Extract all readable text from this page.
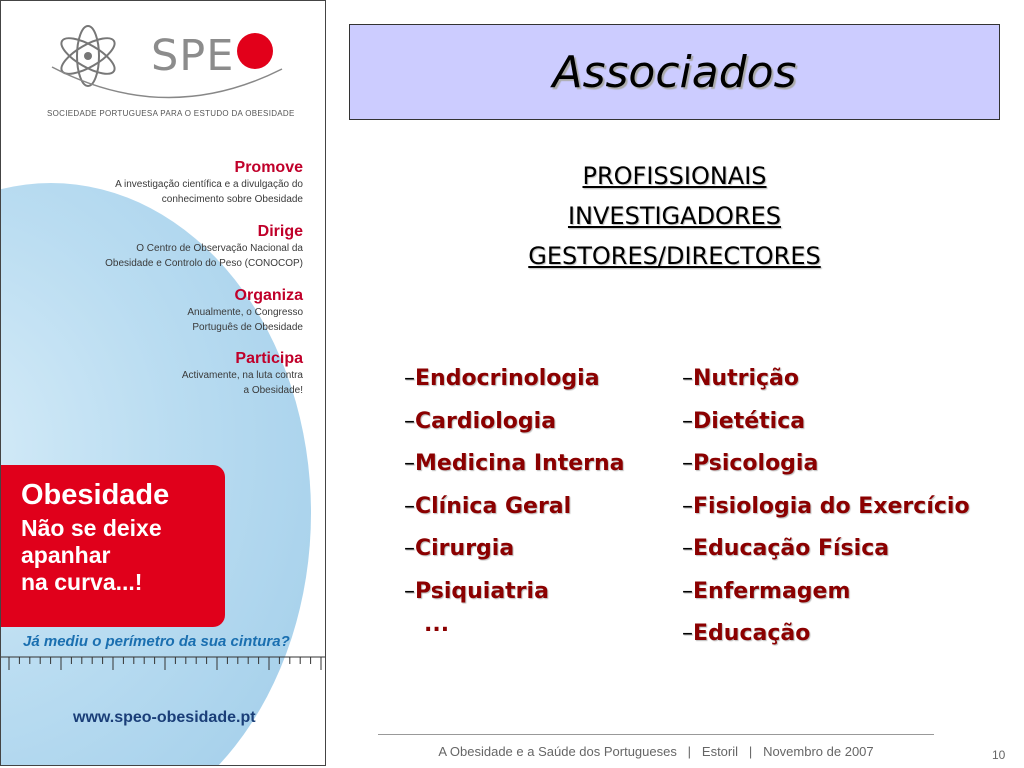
SPE
SOCIEDADE PORTUGUESA PARA O ESTUDO DA OBESIDADE
Promove
A investigação científica e a divulgação do
conhecimento sobre Obesidade
Dirige
O Centro de Observação Nacional da
Obesidade e Controlo do Peso (CONOCOP)
Organiza
Anualmente, o Congresso
Português de Obesidade
Participa
Activamente, na luta contra
a Obesidade!
Obesidade
Não se deixe
apanhar
na curva...!
Já mediu o perímetro da sua cintura?
www.speo-obesidade.pt
Associados
PROFISSIONAIS
INVESTIGADORES
GESTORES/DIRECTORES
–Endocrinologia
–Cardiologia
–Medicina Interna
–Clínica Geral
–Cirurgia
–Psiquiatria
...
–Nutrição
–Dietética
–Psicologia
–Fisiologia do Exercício
–Educação Física
–Enfermagem
–Educação
A Obesidade e a Saúde dos Portugueses   |   Estoril   |   Novembro de 2007	10
